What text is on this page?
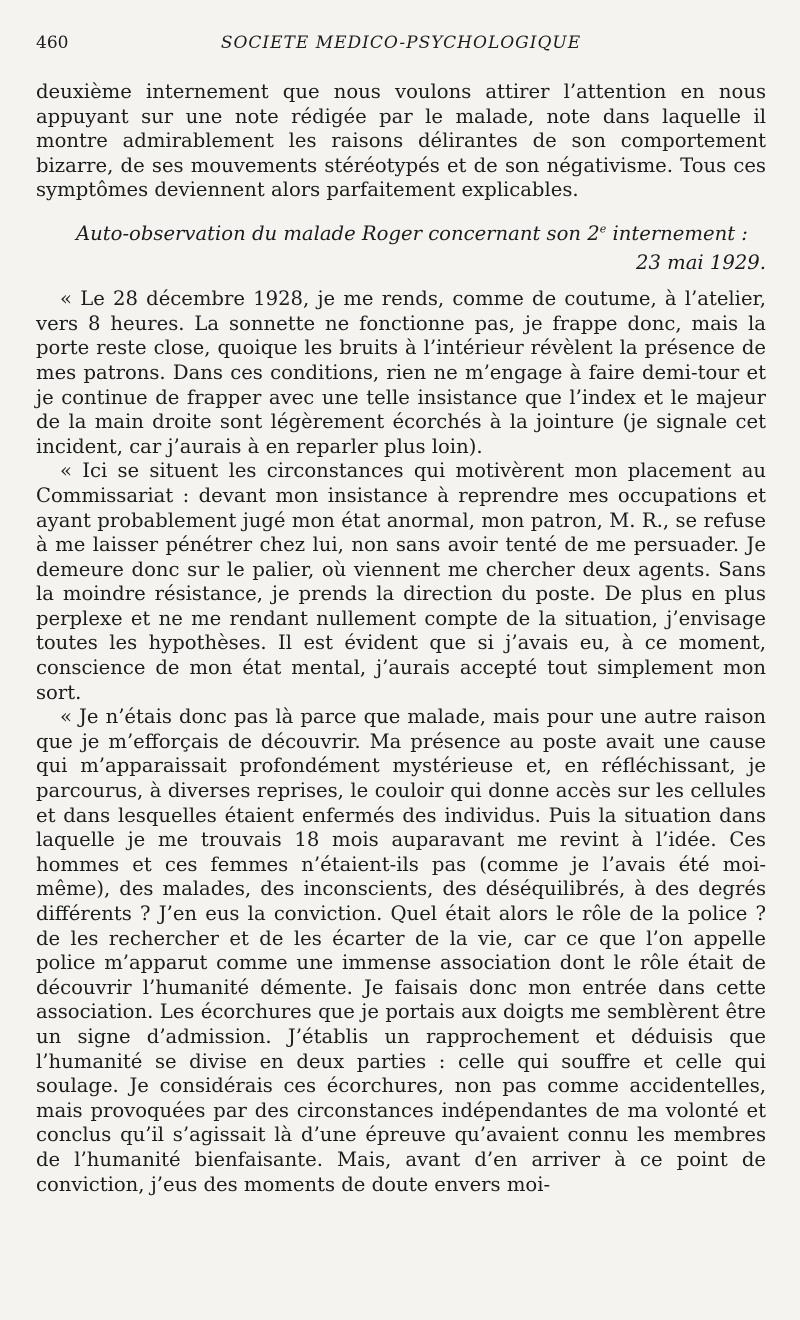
460	SOCIETE MEDICO-PSYCHOLOGIQUE

deuxième internement que nous voulons attirer l’attention en nous appuyant sur une note rédigée par le malade, note dans laquelle il montre admirablement les raisons délirantes de son comportement bizarre, de ses mouvements stéréotypés et de son négativisme. Tous ces symptômes deviennent alors parfaitement explicables.

Auto-observation du malade Roger concernant son 2e internement :

23 mai 1929.

« Le 28 décembre 1928, je me rends, comme de coutume, à l’atelier, vers 8 heures. La sonnette ne fonctionne pas, je frappe donc, mais la porte reste close, quoique les bruits à l’intérieur révèlent la présence de mes patrons. Dans ces conditions, rien ne m’engage à faire demi-tour et je continue de frapper avec une telle insistance que l’index et le majeur de la main droite sont légèrement écorchés à la jointure (je signale cet incident, car j’aurais à en reparler plus loin).

« Ici se situent les circonstances qui motivèrent mon placement au Commissariat : devant mon insistance à reprendre mes occupations et ayant probablement jugé mon état anormal, mon patron, M. R., se refuse à me laisser pénétrer chez lui, non sans avoir tenté de me persuader. Je demeure donc sur le palier, où viennent me chercher deux agents. Sans la moindre résistance, je prends la direction du poste. De plus en plus perplexe et ne me rendant nullement compte de la situation, j’envisage toutes les hypothèses. Il est évident que si j’avais eu, à ce moment, conscience de mon état mental, j’aurais accepté tout simplement mon sort.

« Je n’étais donc pas là parce que malade, mais pour une autre raison que je m’efforçais de découvrir. Ma présence au poste avait une cause qui m’apparaissait profondément mystérieuse et, en réfléchissant, je parcourus, à diverses reprises, le couloir qui donne accès sur les cellules et dans lesquelles étaient enfermés des individus. Puis la situation dans laquelle je me trouvais 18 mois auparavant me revint à l’idée. Ces hommes et ces femmes n’étaient-ils pas (comme je l’avais été moi-même), des malades, des inconscients, des déséquilibrés, à des degrés différents ? J’en eus la conviction. Quel était alors le rôle de la police ? de les rechercher et de les écarter de la vie, car ce que l’on appelle police m’apparut comme une immense association dont le rôle était de découvrir l’humanité démente. Je faisais donc mon entrée dans cette association. Les écorchures que je portais aux doigts me semblèrent être un signe d’admission. J’établis un rapprochement et déduisis que l’humanité se divise en deux parties : celle qui souffre et celle qui soulage. Je considérais ces écorchures, non pas comme accidentelles, mais provoquées par des circonstances indépendantes de ma volonté et conclus qu’il s’agissait là d’une épreuve qu’avaient connu les membres de l’humanité bienfaisante. Mais, avant d’en arriver à ce point de conviction, j’eus des moments de doute envers moi-
